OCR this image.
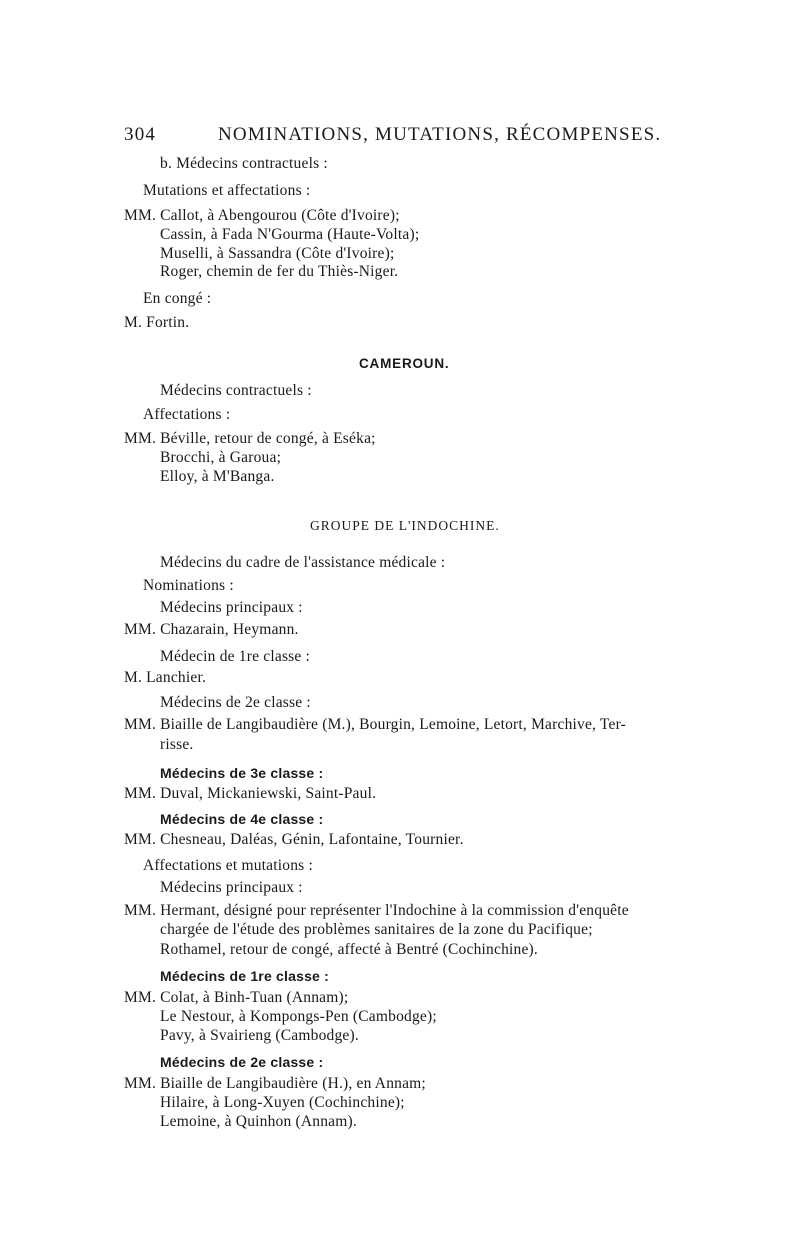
304	NOMINATIONS, MUTATIONS, RÉCOMPENSES.
b. Médecins contractuels :
Mutations et affectations :
MM. Callot, à Abengourou (Côte d'Ivoire);
Cassin, à Fada N'Gourma (Haute-Volta);
Muselli, à Sassandra (Côte d'Ivoire);
Roger, chemin de fer du Thiès-Niger.
En congé :
M. Fortin.
CAMEROUN.
Médecins contractuels :
Affectations :
MM. Béville, retour de congé, à Eséka;
Brocchi, à Garoua;
Elloy, à M'Banga.
GROUPE DE L'INDOCHINE.
Médecins du cadre de l'assistance médicale :
Nominations :
Médecins principaux :
MM. Chazarain, Heymann.
Médecin de 1re classe :
M. Lanchier.
Médecins de 2e classe :
MM. Biaille de Langibaudière (M.), Bourgin, Lemoine, Letort, Marchive, Ter-
risse.
Médecins de 3e classe :
MM. Duval, Mickaniewski, Saint-Paul.
Médecins de 4e classe :
MM. Chesneau, Daléas, Génin, Lafontaine, Tournier.
Affectations et mutations :
Médecins principaux :
MM. Hermant, désigné pour représenter l'Indochine à la commission d'enquête
chargée de l'étude des problèmes sanitaires de la zone du Pacifique;
Rothamel, retour de congé, affecté à Bentré (Cochinchine).
Médecins de 1re classe :
MM. Colat, à Binh-Tuan (Annam);
Le Nestour, à Kompongs-Pen (Cambodge);
Pavy, à Svairieng (Cambodge).
Médecins de 2e classe :
MM. Biaille de Langibaudière (H.), en Annam;
Hilaire, à Long-Xuyen (Cochinchine);
Lemoine, à Quinhon (Annam).
